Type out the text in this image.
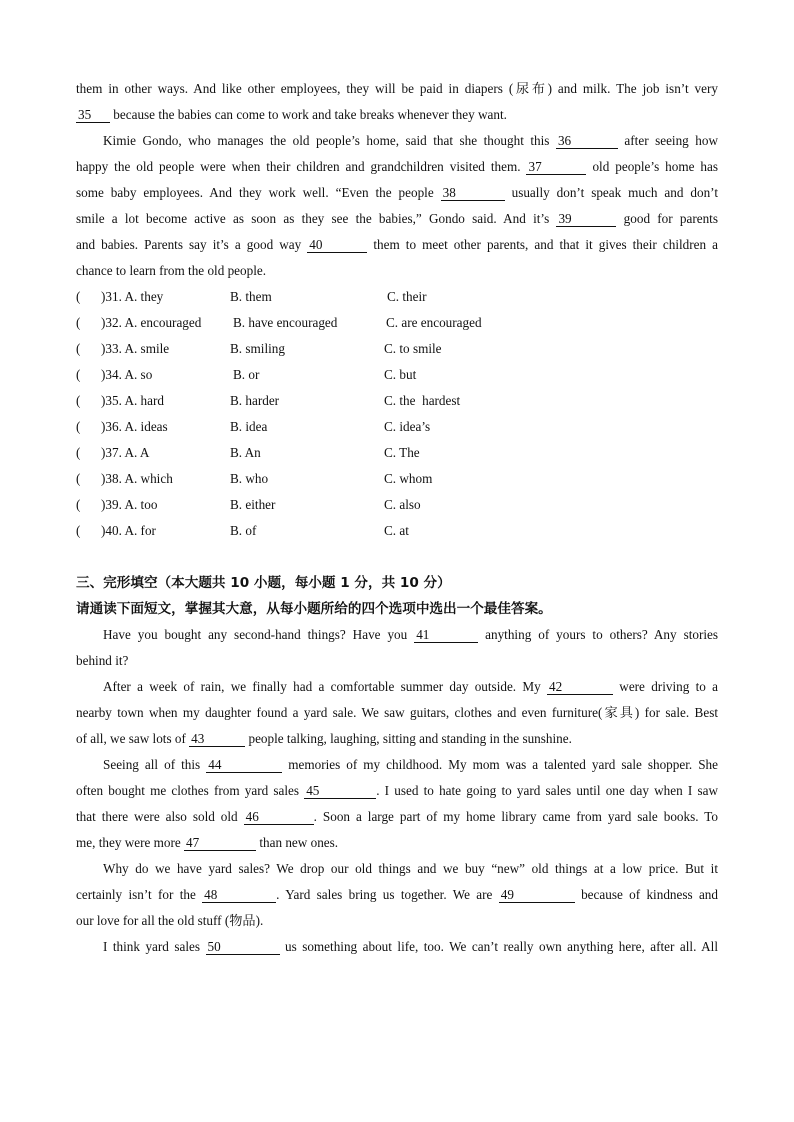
them in other ways. And like other employees, they will be paid in diapers (尿布) and milk. The job isn’t very
35 because the babies can come to work and take breaks whenever they want.
Kimie Gondo, who manages the old people’s home, said that she thought this 36	after seeing how
happy the old people were when their children and grandchildren visited them. 37	old people’s home has
some baby employees. And they work well. “Even the people 38	usually don’t speak much and don’t
smile a lot become active as soon as they see the babies,” Gondo said. And it’s 39	good for parents
and babies. Parents say it’s a good way 40	them to meet other parents, and that it gives their children a
chance to learn from the old people.
( )31. A. they	B. them	C. their
( )32. A. encouraged B. have encouraged	C. are encouraged
( )33. A. smile	B. smiling	C. to smile
( )34. A. so	B. or	C. but
( )35. A. hard	B. harder	C. the  hardest
( )36. A. ideas	B. idea	C. idea’s
( )37. A. A	B. An	C. The
( )38. A. which	B. who	C. whom
( )39. A. too	B. either	C. also
( )40. A. for	B. of	C. at
三、完形填空（本大题共 10 小题，每小题 1 分，共 10 分）
请通读下面短文，掌握其大意，从每小题所给的四个选项中选出一个最佳答案。
Have you bought any second-hand things? Have you 41	anything of yours to others? Any stories
behind it?
After a week of rain, we finally had a comfortable summer day outside. My 42	were driving to a
nearby town when my daughter found a yard sale. We saw guitars, clothes and even furniture(家具) for sale. Best
of all, we saw lots of 43	people talking, laughing, sitting and standing in the sunshine.
Seeing all of this 44	memories of my childhood. My mom was a talented yard sale shopper. She
often bought me clothes from yard sales 45	. I used to hate going to yard sales until one day when I saw
that there were also sold old 46	. Soon a large part of my home library came from yard sale books. To
me, they were more 47	than new ones.
Why do we have yard sales? We drop our old things and we buy “new” old things at a low price. But it
certainly isn’t for the 48	. Yard sales bring us together. We are 49	because of kindness and
our love for all the old stuff (物品).
I think yard sales 50	us something about life, too. We can’t really own anything here, after all. All
